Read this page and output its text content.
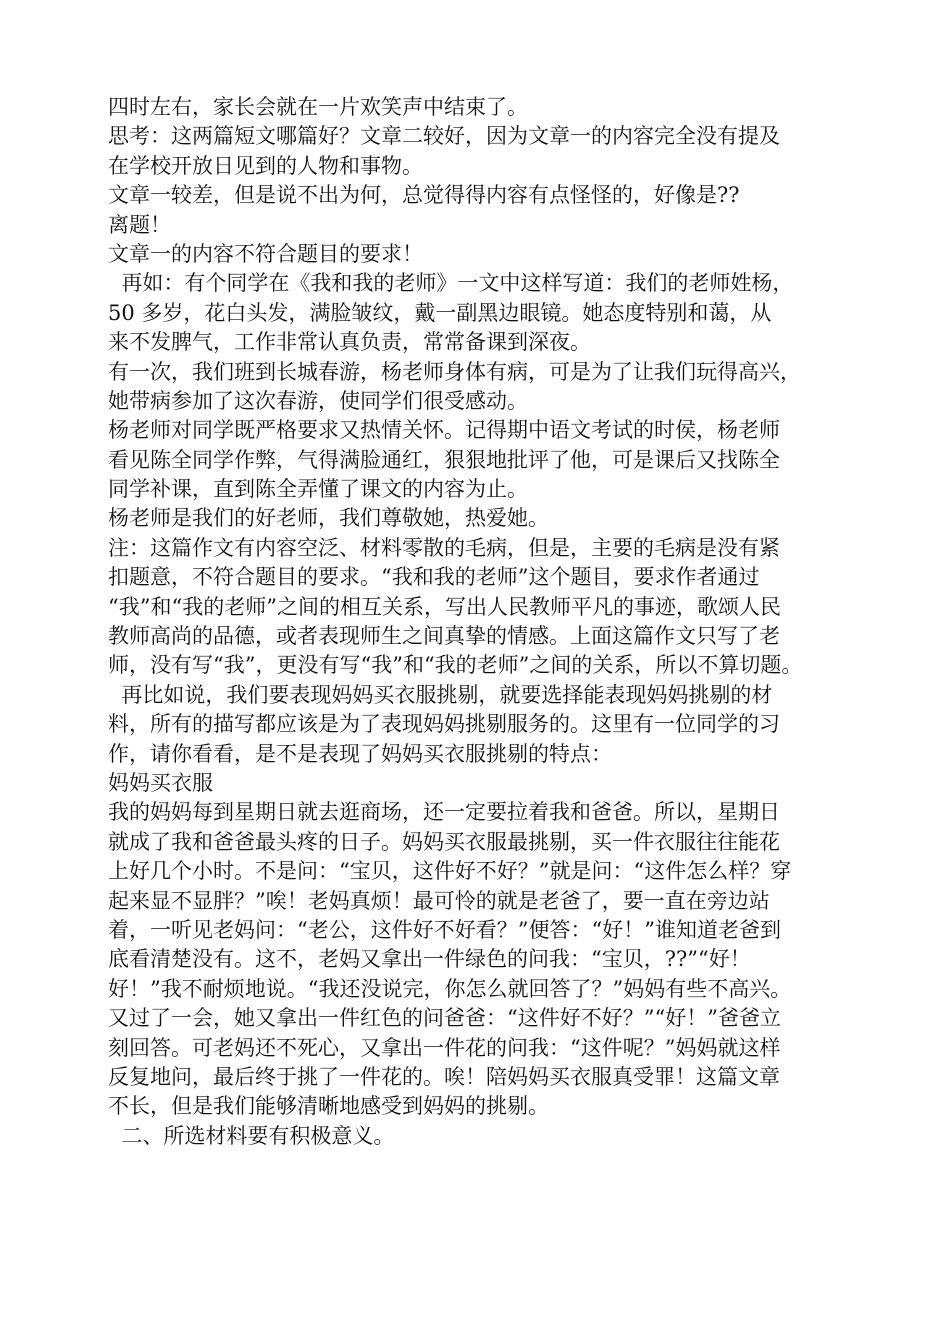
四时左右，家长会就在一片欢笑声中结束了。
思考：这两篇短文哪篇好？文章二较好，因为文章一的内容完全没有提及
在学校开放日见到的人物和事物。
文章一较差，但是说不出为何，总觉得得内容有点怪怪的，好像是??
离题！
文章一的内容不符合题目的要求！
再如：有个同学在《我和我的老师》一文中这样写道：我们的老师姓杨，
50 多岁，花白头发，满脸皱纹，戴一副黑边眼镜。她态度特别和蔼，从
来不发脾气，工作非常认真负责，常常备课到深夜。
有一次，我们班到长城春游，杨老师身体有病，可是为了让我们玩得高兴，
她带病参加了这次春游，使同学们很受感动。
杨老师对同学既严格要求又热情关怀。记得期中语文考试的时侯，杨老师
看见陈全同学作弊，气得满脸通红，狠狠地批评了他，可是课后又找陈全
同学补课，直到陈全弄懂了课文的内容为止。
杨老师是我们的好老师，我们尊敬她，热爱她。
注：这篇作文有内容空泛、材料零散的毛病，但是，主要的毛病是没有紧
扣题意，不符合题目的要求。“我和我的老师”这个题目，要求作者通过
“我”和“我的老师”之间的相互关系，写出人民教师平凡的事迹，歌颂人民
教师高尚的品德，或者表现师生之间真挚的情感。上面这篇作文只写了老
师，没有写“我”，更没有写“我”和“我的老师”之间的关系，所以不算切题。
再比如说，我们要表现妈妈买衣服挑剔，就要选择能表现妈妈挑剔的材
料，所有的描写都应该是为了表现妈妈挑剔服务的。这里有一位同学的习
作，请你看看，是不是表现了妈妈买衣服挑剔的特点：
妈妈买衣服
我的妈妈每到星期日就去逛商场，还一定要拉着我和爸爸。所以，星期日
就成了我和爸爸最头疼的日子。妈妈买衣服最挑剔，买一件衣服往往能花
上好几个小时。不是问：“宝贝，这件好不好？”就是问：“这件怎么样？穿
起来显不显胖？”唉！老妈真烦！最可怜的就是老爸了，要一直在旁边站
着，一听见老妈问：“老公，这件好不好看？”便答：“好！”谁知道老爸到
底看清楚没有。这不，老妈又拿出一件绿色的问我：“宝贝，??”“好！
好！”我不耐烦地说。“我还没说完，你怎么就回答了？”妈妈有些不高兴。
又过了一会，她又拿出一件红色的问爸爸：“这件好不好？”“好！”爸爸立
刻回答。可老妈还不死心，又拿出一件花的问我：“这件呢？”妈妈就这样
反复地问，最后终于挑了一件花的。唉！陪妈妈买衣服真受罪！这篇文章
不长，但是我们能够清晰地感受到妈妈的挑剔。
二、所选材料要有积极意义。
